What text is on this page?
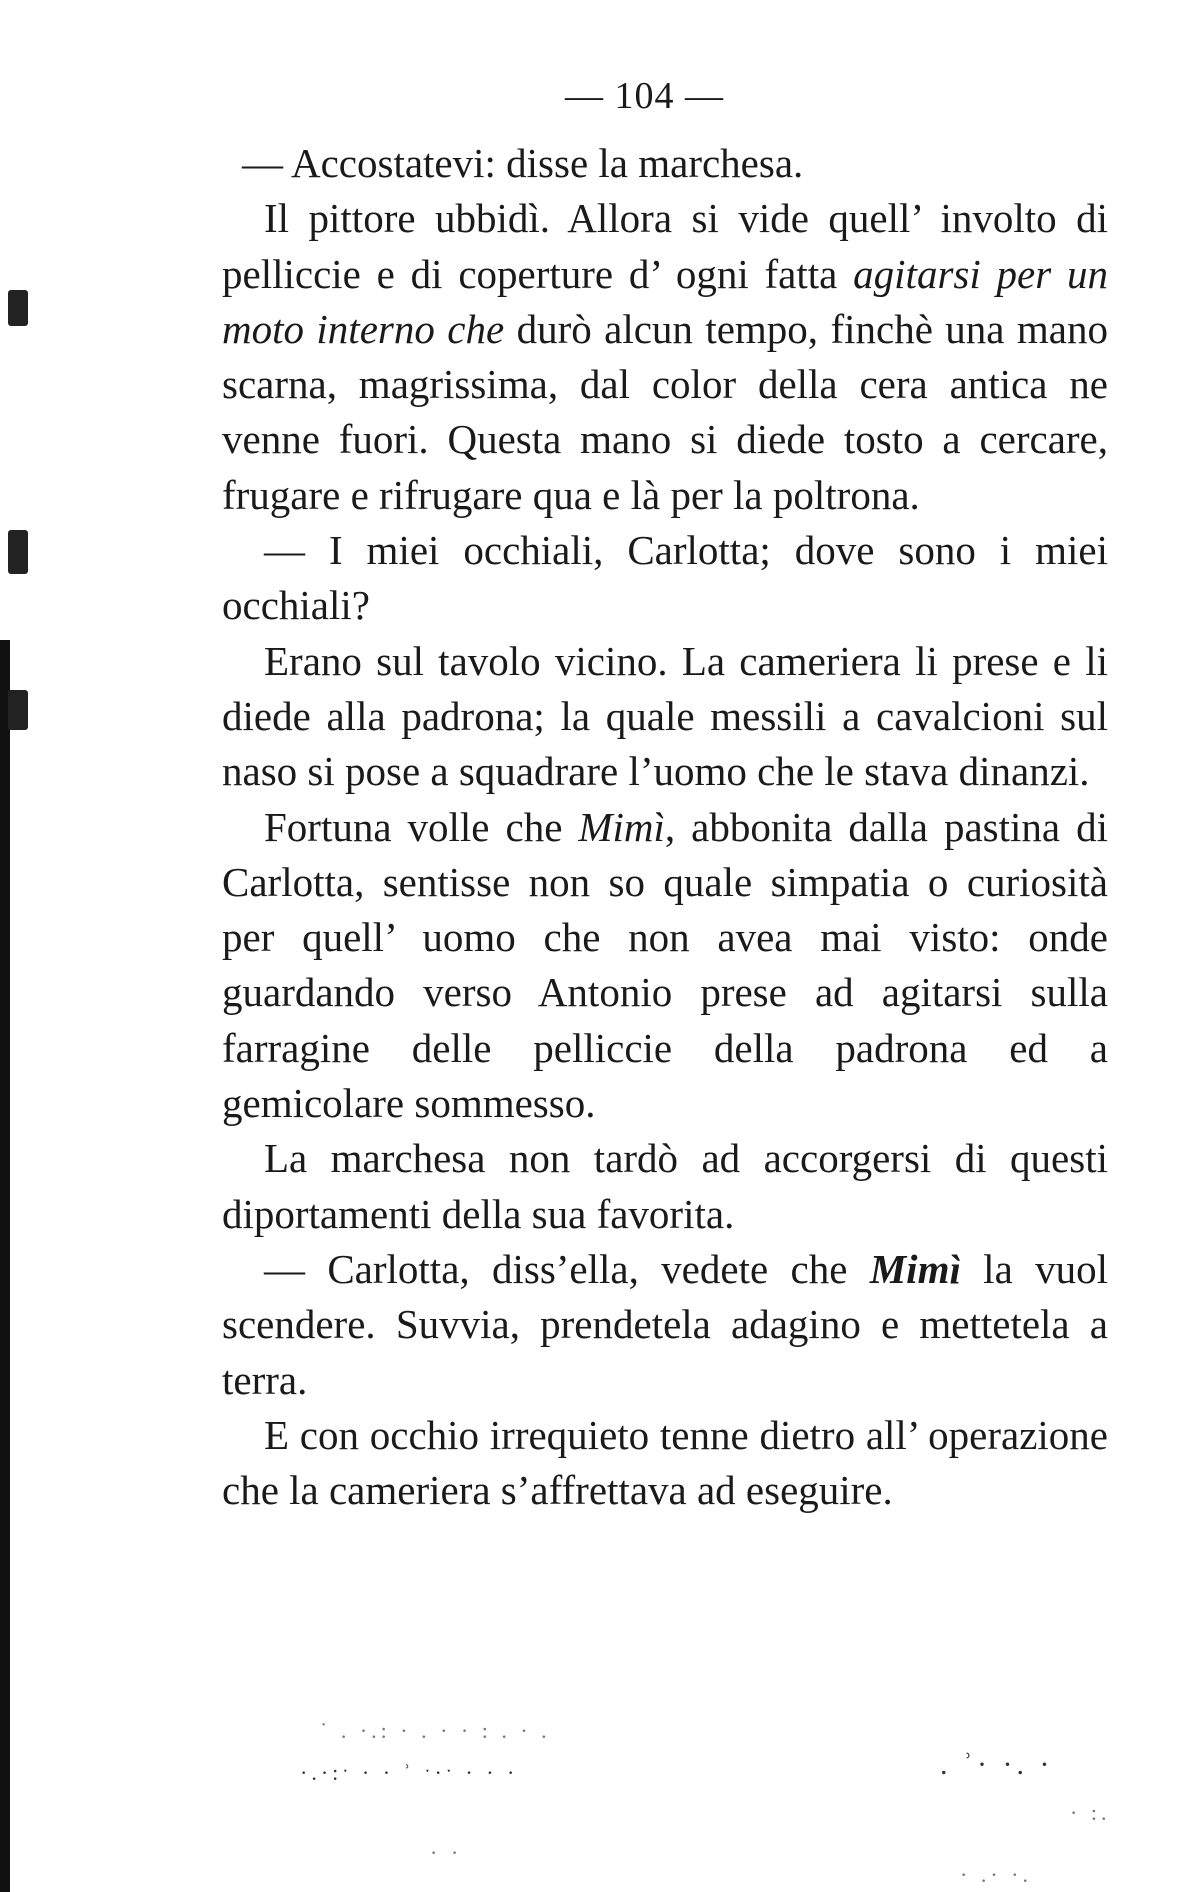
— 104 —

— Accostatevi: disse la marchesa.

Il pittore ubbidì. Allora si vide quell’ involto di pelliccie e di coperture d’ ogni fatta agitarsi per un moto interno che durò alcun tempo, finchè una mano scarna, magrissima, dal color della cera antica ne venne fuori. Questa mano si diede tosto a cercare, frugare e rifrugare qua e là per la poltrona.

— I miei occhiali, Carlotta; dove sono i miei occhiali?

Erano sul tavolo vicino. La cameriera li prese e li diede alla padrona; la quale messili a cavalcioni sul naso si pose a squadrare l’uomo che le stava dinanzi.

Fortuna volle che Mimì, abbonita dalla pastina di Carlotta, sentisse non so quale simpatia o curiosità per quell’ uomo che non avea mai visto: onde guardando verso Antonio prese ad agitarsi sulla farragine delle pelliccie della padrona ed a gemicolare sommesso.

La marchesa non tardò ad accorgersi di questi diportamenti della sua favorita.

— Carlotta, diss’ella, vedete che Mimì la vuol scendere. Suvvia, prendetela adagino e mettetela a terra.

E con occhio irrequieto tenne dietro all’ operazione che la cameriera s’affrettava ad eseguire.

˙ . ·.: · . · · : . · .
·.·:ˑ · · ʾ ˑ·ˑ · · ·	. ʾ· ·. ·
· :.
· ·
· .· ·.
